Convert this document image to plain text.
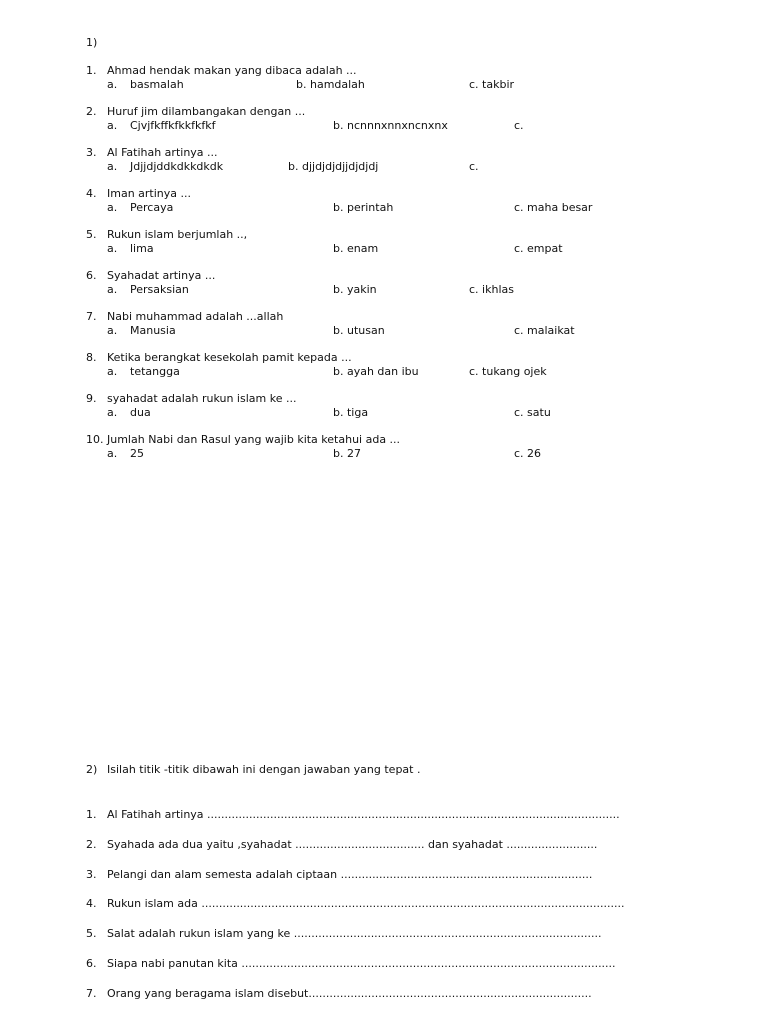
1)
1. Ahmad hendak makan yang dibaca adalah ...
a. basmalah	b. hamdalah	c. takbir
2. Huruf jim dilambangakan dengan ...
a. Cjvjfkffkfkkfkfkf	b. ncnnnxnnxncnxnx	c.
3. Al Fatihah artinya ...
a. Jdjjdjddkdkkdkdk	b. djjdjdjdjjdjdjdj	c.
4. Iman artinya ...
a. Percaya	b. perintah	c. maha besar
5. Rukun islam berjumlah ..,
a. lima	b. enam	c. empat
6. Syahadat artinya ...
a. Persaksian	b. yakin	c. ikhlas
7. Nabi muhammad adalah ...allah
a. Manusia	b. utusan	c. malaikat
8. Ketika berangkat kesekolah pamit kepada ...
a. tetangga	b. ayah dan ibu	c. tukang ojek
9. syahadat adalah rukun islam ke ...
a. dua	b. tiga	c. satu
10. Jumlah Nabi dan Rasul yang wajib kita ketahui ada ...
a. 25	b. 27	c. 26
2) Isilah titik -titik dibawah ini dengan jawaban yang tepat .
1. Al Fatihah artinya ......................................................................................................................
2. Syahada ada dua yaitu ,syahadat ..................................... dan syahadat ..........................
3. Pelangi dan alam semesta adalah ciptaan ........................................................................
4. Rukun islam ada .........................................................................................................................
5. Salat adalah rukun islam yang ke ........................................................................................
6. Siapa nabi panutan kita ...........................................................................................................
7. Orang yang beragama islam disebut.................................................................................
